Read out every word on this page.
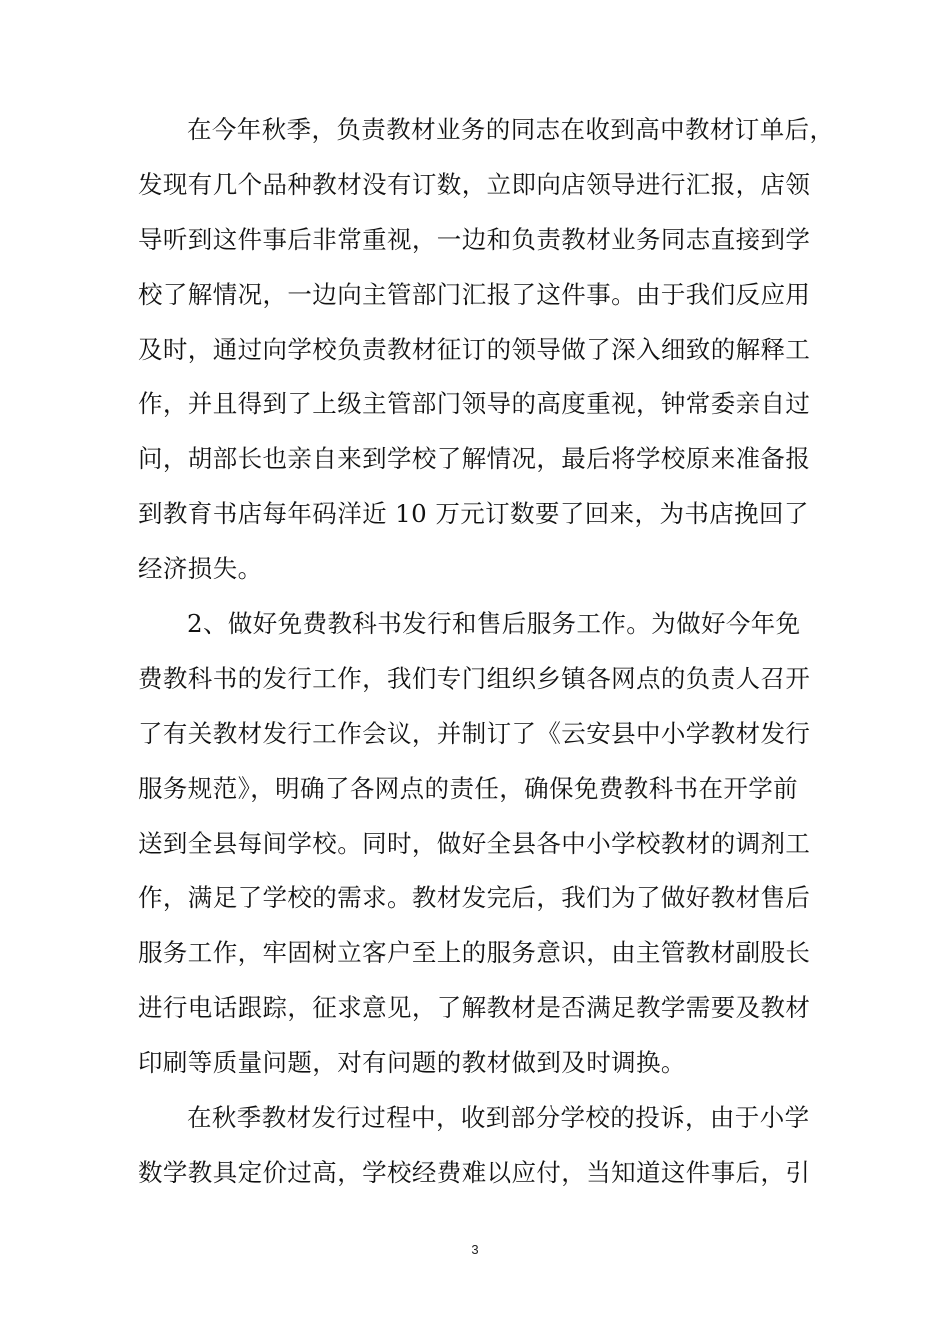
在今年秋季，负责教材业务的同志在收到高中教材订单后，
发现有几个品种教材没有订数，立即向店领导进行汇报，店领
导听到这件事后非常重视，一边和负责教材业务同志直接到学
校了解情况，一边向主管部门汇报了这件事。由于我们反应用
及时，通过向学校负责教材征订的领导做了深入细致的解释工
作，并且得到了上级主管部门领导的高度重视，钟常委亲自过
问，胡部长也亲自来到学校了解情况，最后将学校原来准备报
到教育书店每年码洋近 10 万元订数要了回来，为书店挽回了
经济损失。
2、做好免费教科书发行和售后服务工作。为做好今年免
费教科书的发行工作，我们专门组织乡镇各网点的负责人召开
了有关教材发行工作会议，并制订了《云安县中小学教材发行
服务规范》，明确了各网点的责任，确保免费教科书在开学前
送到全县每间学校。同时，做好全县各中小学校教材的调剂工
作，满足了学校的需求。教材发完后，我们为了做好教材售后
服务工作，牢固树立客户至上的服务意识，由主管教材副股长
进行电话跟踪，征求意见，了解教材是否满足教学需要及教材
印刷等质量问题，对有问题的教材做到及时调换。
在秋季教材发行过程中，收到部分学校的投诉，由于小学
数学教具定价过高，学校经费难以应付，当知道这件事后，引
3
